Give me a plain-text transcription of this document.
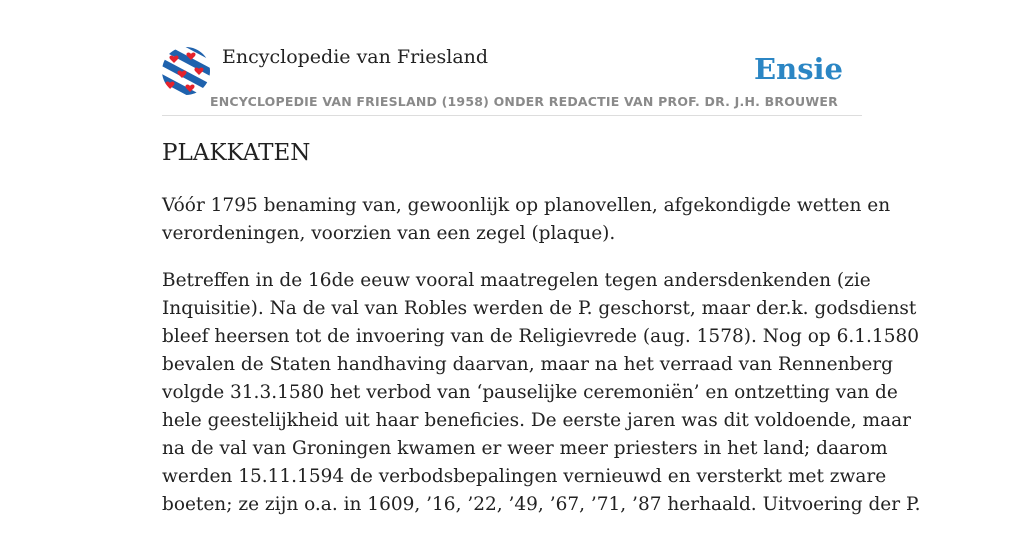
Encyclopedie van Friesland	Ensie
ENCYCLOPEDIE VAN FRIESLAND (1958) ONDER REDACTIE VAN PROF. DR. J.H. BROUWER
PLAKKATEN

Vóór 1795 benaming van, gewoonlijk op planovellen, afgekondigde wetten en
verordeningen, voorzien van een zegel (plaque).

Betreffen in de 16de eeuw vooral maatregelen tegen andersdenkenden (zie
Inquisitie). Na de val van Robles werden de P. geschorst, maar der.k. godsdienst
bleef heersen tot de invoering van de Religievrede (aug. 1578). Nog op 6.1.1580
bevalen de Staten handhaving daarvan, maar na het verraad van Rennenberg
volgde 31.3.1580 het verbod van ‘pauselijke ceremoniën’ en ontzetting van de
hele geestelijkheid uit haar beneficies. De eerste jaren was dit voldoende, maar
na de val van Groningen kwamen er weer meer priesters in het land; daarom
werden 15.11.1594 de verbodsbepalingen vernieuwd en versterkt met zware
boeten; ze zijn o.a. in 1609, ’16, ’22, ’49, ’67, ’71, ’87 herhaald. Uitvoering der P.
